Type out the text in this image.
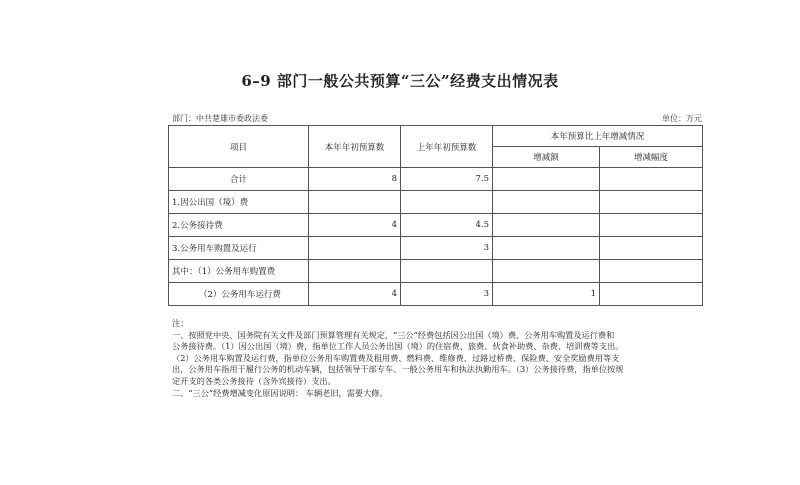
6–9 部门一般公共预算“三公”经费支出情况表
部门：中共楚雄市委政法委	单位：万元
项目	本年年初预算数	上年年初预算数	本年预算比上年增减情况	
			增减额	增减幅度
合计	8	7.5		
1.因公出国（境）费				
2.公务接待费	4	4.5		
3.公务用车购置及运行		3		
其中：（1）公务用车购置费				
（2）公务用车运行费	4	3	1	

注：

一、按照党中央、国务院有关文件及部门预算管理有关规定，“三公”经费包括因公出国（境）费、公务用车购置及运行费和

公务接待费。（1）因公出国（境）费，指单位工作人员公务出国（境）的住宿费、旅费、伙食补助费、杂费、培训费等支出。

（2）公务用车购置及运行费，指单位公务用车购置费及租用费、燃料费、维修费、过路过桥费、保险费、安全奖励费用等支

出，公务用车指用于履行公务的机动车辆，包括领导干部专车、一般公务用车和执法执勤用车。（3）公务接待费，指单位按规

定开支的各类公务接待（含外宾接待）支出。

二、“三公”经费增减变化原因说明： 车辆老旧，需要大修。
